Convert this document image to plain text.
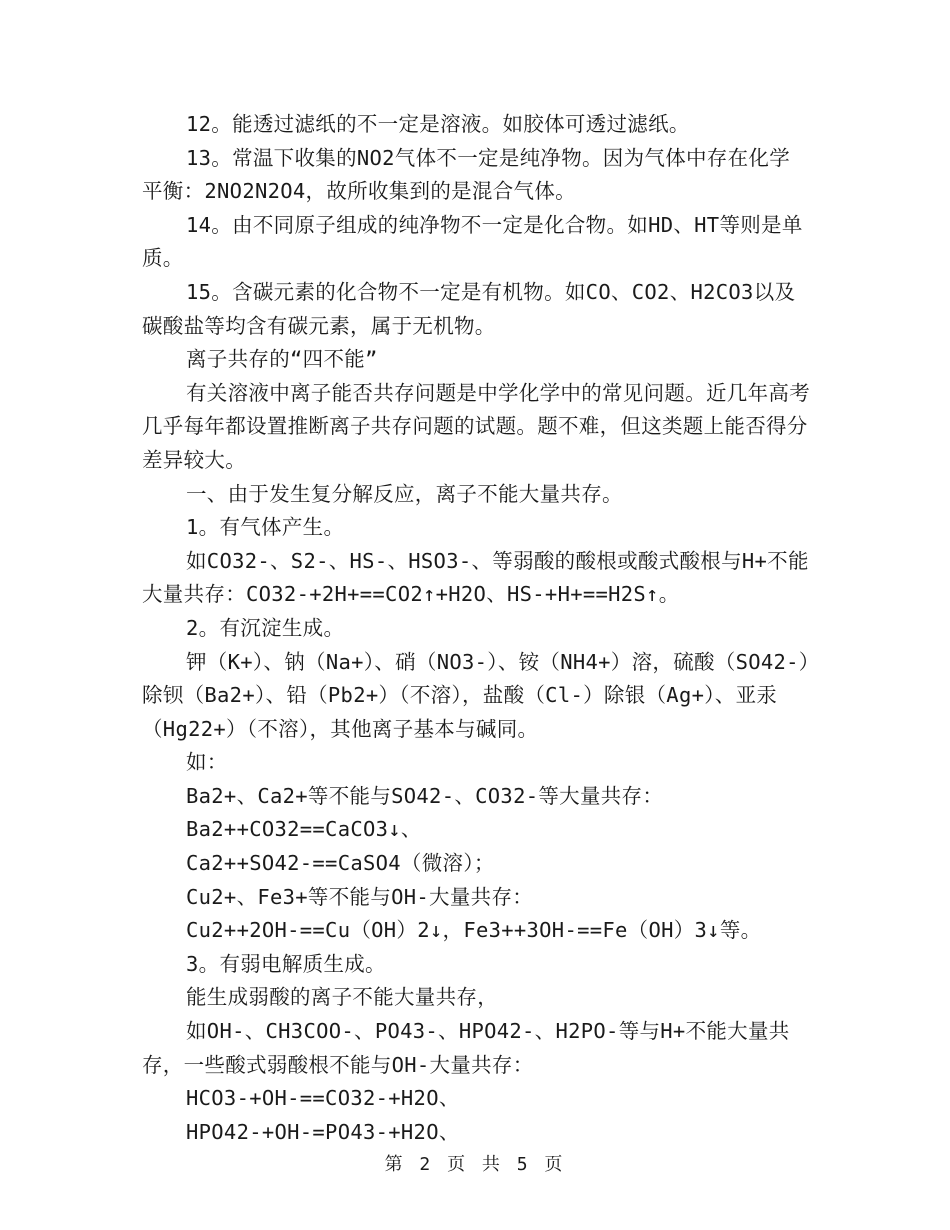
12。能透过滤纸的不一定是溶液。如胶体可透过滤纸。

13。常温下收集的NO2气体不一定是纯净物。因为气体中存在化学平衡：2NO2N2O4，故所收集到的是混合气体。

14。由不同原子组成的纯净物不一定是化合物。如HD、HT等则是单质。

15。含碳元素的化合物不一定是有机物。如CO、CO2、H2CO3以及碳酸盐等均含有碳元素，属于无机物。

离子共存的“四不能”

有关溶液中离子能否共存问题是中学化学中的常见问题。近几年高考几乎每年都设置推断离子共存问题的试题。题不难，但这类题上能否得分差异较大。

一、由于发生复分解反应，离子不能大量共存。

1。有气体产生。

如CO32-、S2-、HS-、HSO3-、等弱酸的酸根或酸式酸根与H+不能大量共存：CO32-+2H+==CO2↑+H2O、HS-+H+==H2S↑。

2。有沉淀生成。

钾（K+）、钠（Na+）、硝（NO3-）、铵（NH4+）溶，硫酸（SO42-）除钡（Ba2+）、铅（Pb2+）（不溶），盐酸（Cl-）除银（Ag+）、亚汞（Hg22+）（不溶），其他离子基本与碱同。

如：

Ba2+、Ca2+等不能与SO42-、CO32-等大量共存：

Ba2++CO32==CaCO3↓、

Ca2++SO42-==CaSO4（微溶）；

Cu2+、Fe3+等不能与OH-大量共存：

Cu2++2OH-==Cu（OH）2↓，Fe3++3OH-==Fe（OH）3↓等。

3。有弱电解质生成。

能生成弱酸的离子不能大量共存，

如OH-、CH3COO-、PO43-、HPO42-、H2PO-等与H+不能大量共存，一些酸式弱酸根不能与OH-大量共存：

HCO3-+OH-==CO32-+H2O、

HPO42-+OH-=PO43-+H2O、

第 2 页 共 5 页
